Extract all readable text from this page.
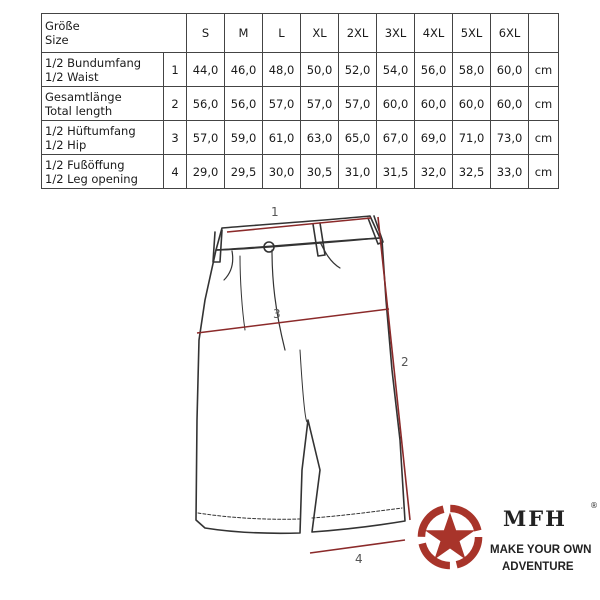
Größe
Size		S	M	L	XL	2XL	3XL	4XL	5XL	6XL	

1/2 Bundumfang
1/2 Waist	1	44,0	46,0	48,0	50,0	52,0	54,0	56,0	58,0	60,0	cm

Gesamtlänge
Total length	2	56,0	56,0	57,0	57,0	57,0	60,0	60,0	60,0	60,0	cm

1/2 Hüftumfang
1/2 Hip	3	57,0	59,0	61,0	63,0	65,0	67,0	69,0	71,0	73,0	cm

1/2 Fußöffung
1/2 Leg opening	4	29,0	29,5	30,0	30,5	31,0	31,5	32,0	32,5	33,0	cm
1
2
3
4
MFH
®
MAKE YOUR OWN
ADVENTURE
